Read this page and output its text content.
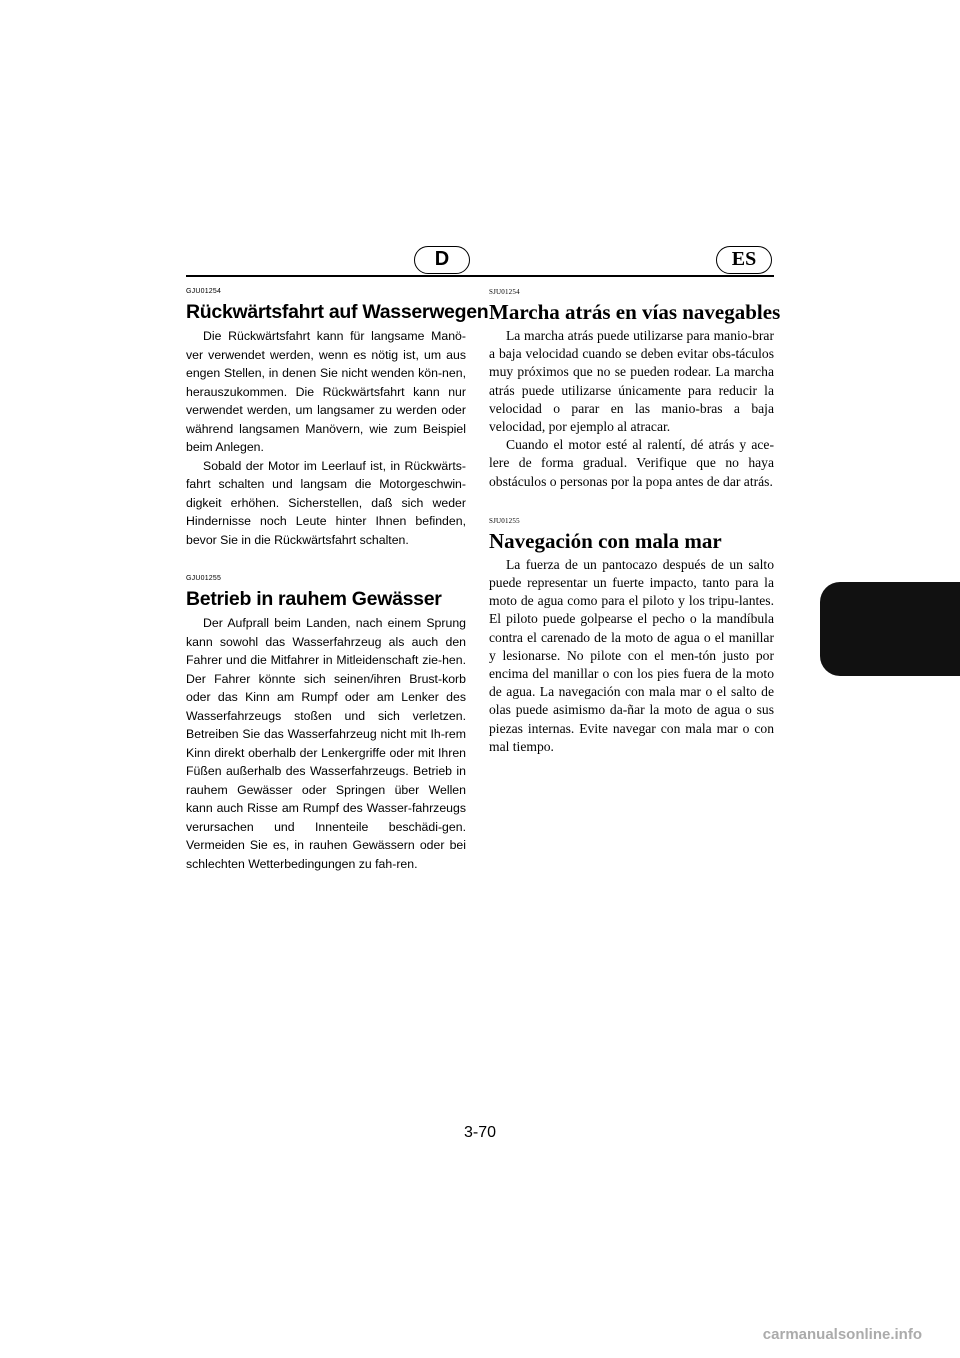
D	ES
GJU01254
Rückwärtsfahrt auf Wasserwegen

Die Rückwärtsfahrt kann für langsame Manö-ver verwendet werden, wenn es nötig ist, um aus engen Stellen, in denen Sie nicht wenden kön-nen, herauszukommen. Die Rückwärtsfahrt kann nur verwendet werden, um langsamer zu werden oder während langsamen Manövern, wie zum Beispiel beim Anlegen.

Sobald der Motor im Leerlauf ist, in Rückwärts-fahrt schalten und langsam die Motorgeschwin-digkeit erhöhen. Sicherstellen, daß sich weder Hindernisse noch Leute hinter Ihnen befinden, bevor Sie in die Rückwärtsfahrt schalten.

GJU01255
Betrieb in rauhem Gewässer

Der Aufprall beim Landen, nach einem Sprung kann sowohl das Wasserfahrzeug als auch den Fahrer und die Mitfahrer in Mitleidenschaft zie-hen. Der Fahrer könnte sich seinen/ihren Brust-korb oder das Kinn am Rumpf oder am Lenker des Wasserfahrzeugs stoßen und sich verletzen. Betreiben Sie das Wasserfahrzeug nicht mit Ih-rem Kinn direkt oberhalb der Lenkergriffe oder mit Ihren Füßen außerhalb des Wasserfahrzeugs. Betrieb in rauhem Gewässer oder Springen über Wellen kann auch Risse am Rumpf des Wasser-fahrzeugs verursachen und Innenteile beschädi-gen. Vermeiden Sie es, in rauhen Gewässern oder bei schlechten Wetterbedingungen zu fah-ren.

SJU01254
Marcha atrás en vías navegables

La marcha atrás puede utilizarse para manio-brar a baja velocidad cuando se deben evitar obs-táculos muy próximos que no se pueden rodear. La marcha atrás puede utilizarse únicamente para reducir la velocidad o parar en las manio-bras a baja velocidad, por ejemplo al atracar.

Cuando el motor esté al ralentí, dé atrás y ace-lere de forma gradual. Verifique que no haya obstáculos o personas por la popa antes de dar atrás.

SJU01255
Navegación con mala mar

La fuerza de un pantocazo después de un salto puede representar un fuerte impacto, tanto para la moto de agua como para el piloto y los tripu-lantes. El piloto puede golpearse el pecho o la mandíbula contra el carenado de la moto de agua o el manillar y lesionarse. No pilote con el men-tón justo por encima del manillar o con los pies fuera de la moto de agua. La navegación con mala mar o el salto de olas puede asimismo da-ñar la moto de agua o sus piezas internas. Evite navegar con mala mar o con mal tiempo.

3-70
carmanualsonline.info
